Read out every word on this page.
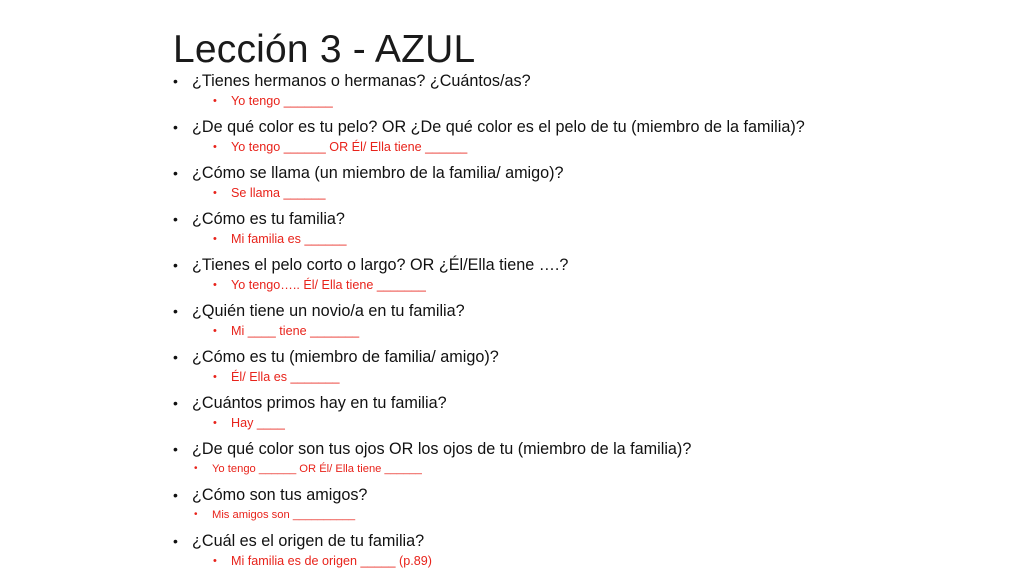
Lección 3 - AZUL
• ¿Tienes hermanos o hermanas? ¿Cuántos/as?
• Yo tengo _______
• ¿De qué color es tu pelo? OR ¿De qué color es el pelo de tu (miembro de la familia)?
• Yo tengo ______ OR Él/ Ella tiene ______
• ¿Cómo se llama (un miembro de la familia/ amigo)?
• Se llama ______
• ¿Cómo es tu familia?
• Mi familia es ______
• ¿Tienes el pelo corto o largo? OR ¿Él/Ella tiene ….?
• Yo tengo….. Él/ Ella tiene _______
• ¿Quién tiene un novio/a en tu familia?
• Mi ____ tiene _______
• ¿Cómo es tu (miembro de familia/ amigo)?
• Él/ Ella es _______
• ¿Cuántos primos hay en tu familia?
• Hay ____
• ¿De qué color son tus ojos OR los ojos de tu (miembro de la familia)?
• Yo tengo ______ OR Él/ Ella tiene ______
• ¿Cómo son tus amigos?
• Mis amigos son __________
• ¿Cuál es el origen de tu familia?
• Mi familia es de origen _____ (p.89)
